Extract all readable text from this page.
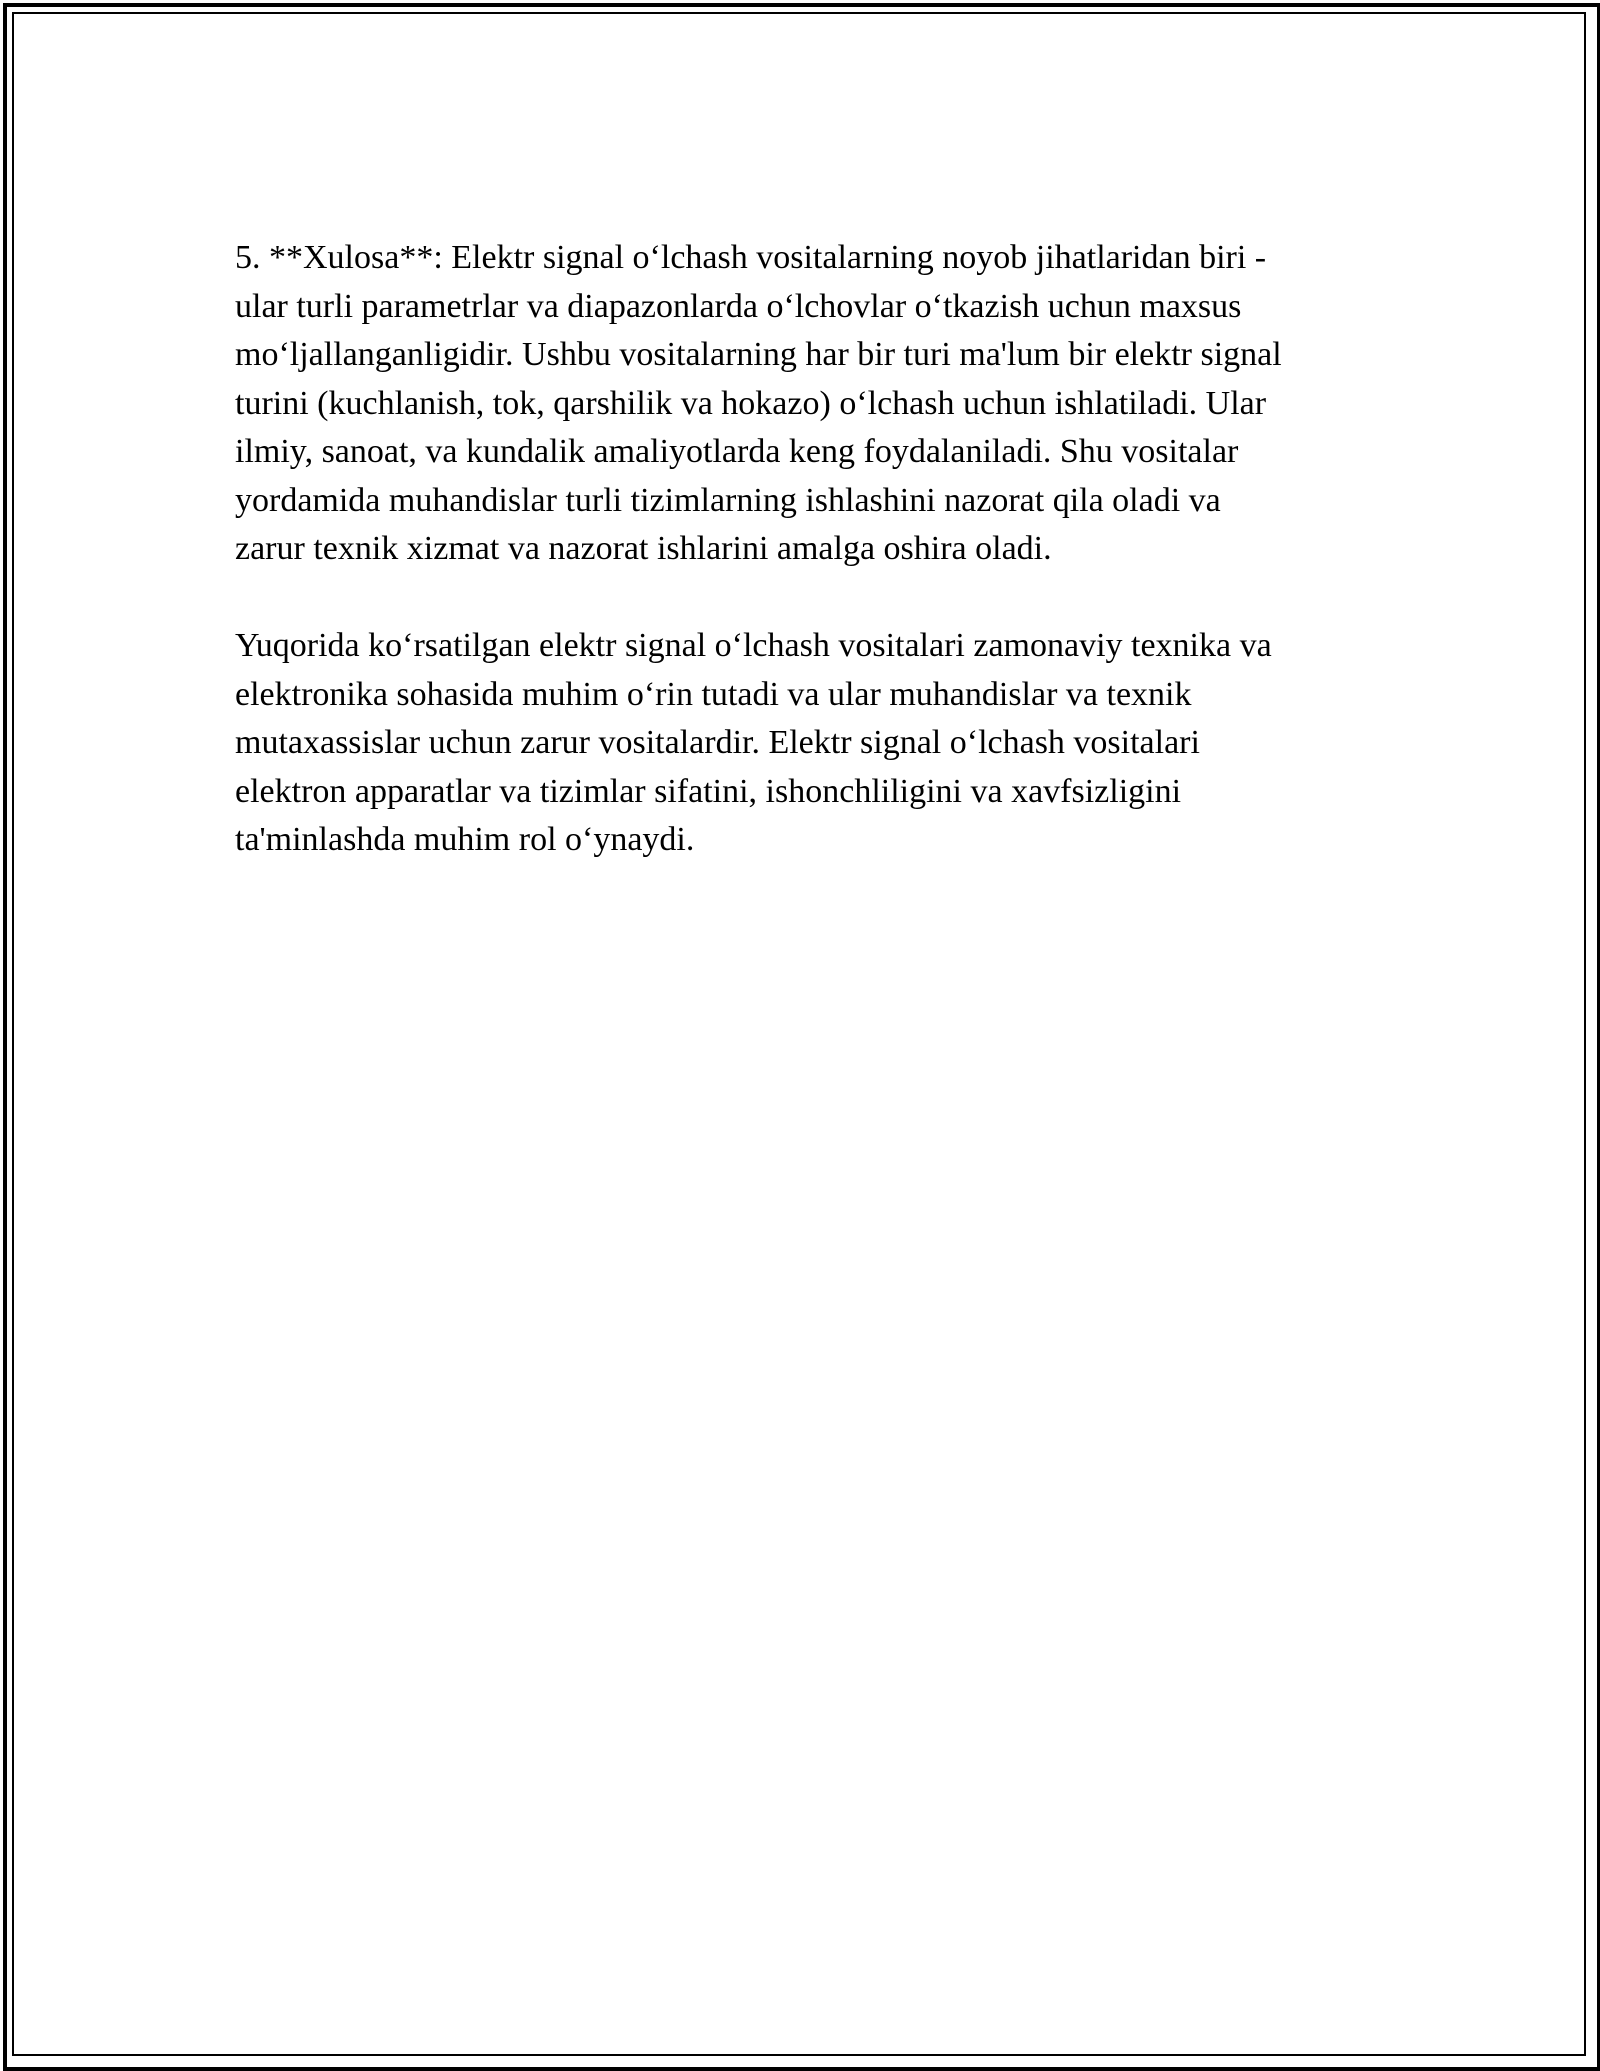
5. **Xulosa**: Elektr signal o‘lchash vositalarning noyob jihatlaridan biri -
ular turli parametrlar va diapazonlarda o‘lchovlar o‘tkazish uchun maxsus
mo‘ljallanganligidir. Ushbu vositalarning har bir turi ma'lum bir elektr signal
turini (kuchlanish, tok, qarshilik va hokazo) o‘lchash uchun ishlatiladi. Ular
ilmiy, sanoat, va kundalik amaliyotlarda keng foydalaniladi. Shu vositalar
yordamida muhandislar turli tizimlarning ishlashini nazorat qila oladi va
zarur texnik xizmat va nazorat ishlarini amalga oshira oladi.

Yuqorida ko‘rsatilgan elektr signal o‘lchash vositalari zamonaviy texnika va
elektronika sohasida muhim o‘rin tutadi va ular muhandislar va texnik
mutaxassislar uchun zarur vositalardir. Elektr signal o‘lchash vositalari
elektron apparatlar va tizimlar sifatini, ishonchliligini va xavfsizligini
ta'minlashda muhim rol o‘ynaydi.
